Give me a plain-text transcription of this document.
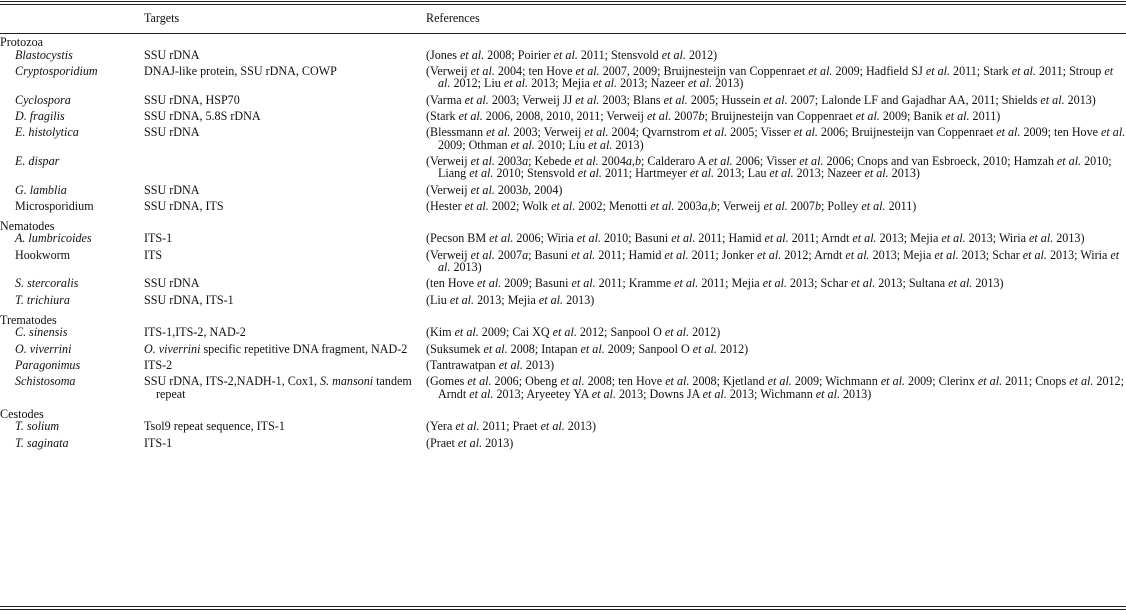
	Targets	References
Protozoa		
Blastocystis	SSU rDNA	(Jones et al. 2008; Poirier et al. 2011; Stensvold et al. 2012)

Cryptosporidium	DNAJ-like protein, SSU rDNA, COWP	(Verweij et al. 2004; ten Hove et al. 2007, 2009; Bruijnesteijn van Coppenraet et al. 2009; Hadfield SJ et al. 2011; Stark et al. 2011; Stroup et al. 2012; Liu et al. 2013; Mejia et al. 2013; Nazeer et al. 2013)

Cyclospora	SSU rDNA, HSP70	(Varma et al. 2003; Verweij JJ et al. 2003; Blans et al. 2005; Hussein et al. 2007; Lalonde LF and Gajadhar AA, 2011; Shields et al. 2013)

D. fragilis	SSU rDNA, 5.8S rDNA	(Stark et al. 2006, 2008, 2010, 2011; Verweij et al. 2007b; Bruijnesteijn van Coppenraet et al. 2009; Banik et al. 2011)

E. histolytica	SSU rDNA	(Blessmann et al. 2003; Verweij et al. 2004; Qvarnstrom et al. 2005; Visser et al. 2006; Bruijnesteijn van Coppenraet et al. 2009; ten Hove et al. 2009; Othman et al. 2010; Liu et al. 2013)

E. dispar		(Verweij et al. 2003a; Kebede et al. 2004a,b; Calderaro A et al. 2006; Visser et al. 2006; Cnops and van Esbroeck, 2010; Hamzah et al. 2010; Liang et al. 2010; Stensvold et al. 2011; Hartmeyer et al. 2013; Lau et al. 2013; Nazeer et al. 2013)

G. lamblia	SSU rDNA	(Verweij et al. 2003b, 2004)

Microsporidium	SSU rDNA, ITS	(Hester et al. 2002; Wolk et al. 2002; Menotti et al. 2003a,b; Verweij et al. 2007b; Polley et al. 2011)

Nematodes		
A. lumbricoides	ITS-1	(Pecson BM et al. 2006; Wiria et al. 2010; Basuni et al. 2011; Hamid et al. 2011; Arndt et al. 2013; Mejia et al. 2013; Wiria et al. 2013)

Hookworm	ITS	(Verweij et al. 2007a; Basuni et al. 2011; Hamid et al. 2011; Jonker et al. 2012; Arndt et al. 2013; Mejia et al. 2013; Schar et al. 2013; Wiria et al. 2013)

S. stercoralis	SSU rDNA	(ten Hove et al. 2009; Basuni et al. 2011; Kramme et al. 2011; Mejia et al. 2013; Schar et al. 2013; Sultana et al. 2013)

T. trichiura	SSU rDNA, ITS-1	(Liu et al. 2013; Mejia et al. 2013)

Trematodes		
C. sinensis	ITS-1,ITS-2, NAD-2	(Kim et al. 2009; Cai XQ et al. 2012; Sanpool O et al. 2012)

O. viverrini	O. viverrini specific repetitive DNA fragment, NAD-2	(Suksumek et al. 2008; Intapan et al. 2009; Sanpool O et al. 2012)

Paragonimus	ITS-2	(Tantrawatpan et al. 2013)

Schistosoma	SSU rDNA, ITS-2,NADH-1, Cox1, S. mansoni tandem repeat	(Gomes et al. 2006; Obeng et al. 2008; ten Hove et al. 2008; Kjetland et al. 2009; Wichmann et al. 2009; Clerinx et al. 2011; Cnops et al. 2012; Arndt et al. 2013; Aryeetey YA et al. 2013; Downs JA et al. 2013; Wichmann et al. 2013)

Cestodes		
T. solium	Tsol9 repeat sequence, ITS-1	(Yera et al. 2011; Praet et al. 2013)

T. saginata	ITS-1	(Praet et al. 2013)
